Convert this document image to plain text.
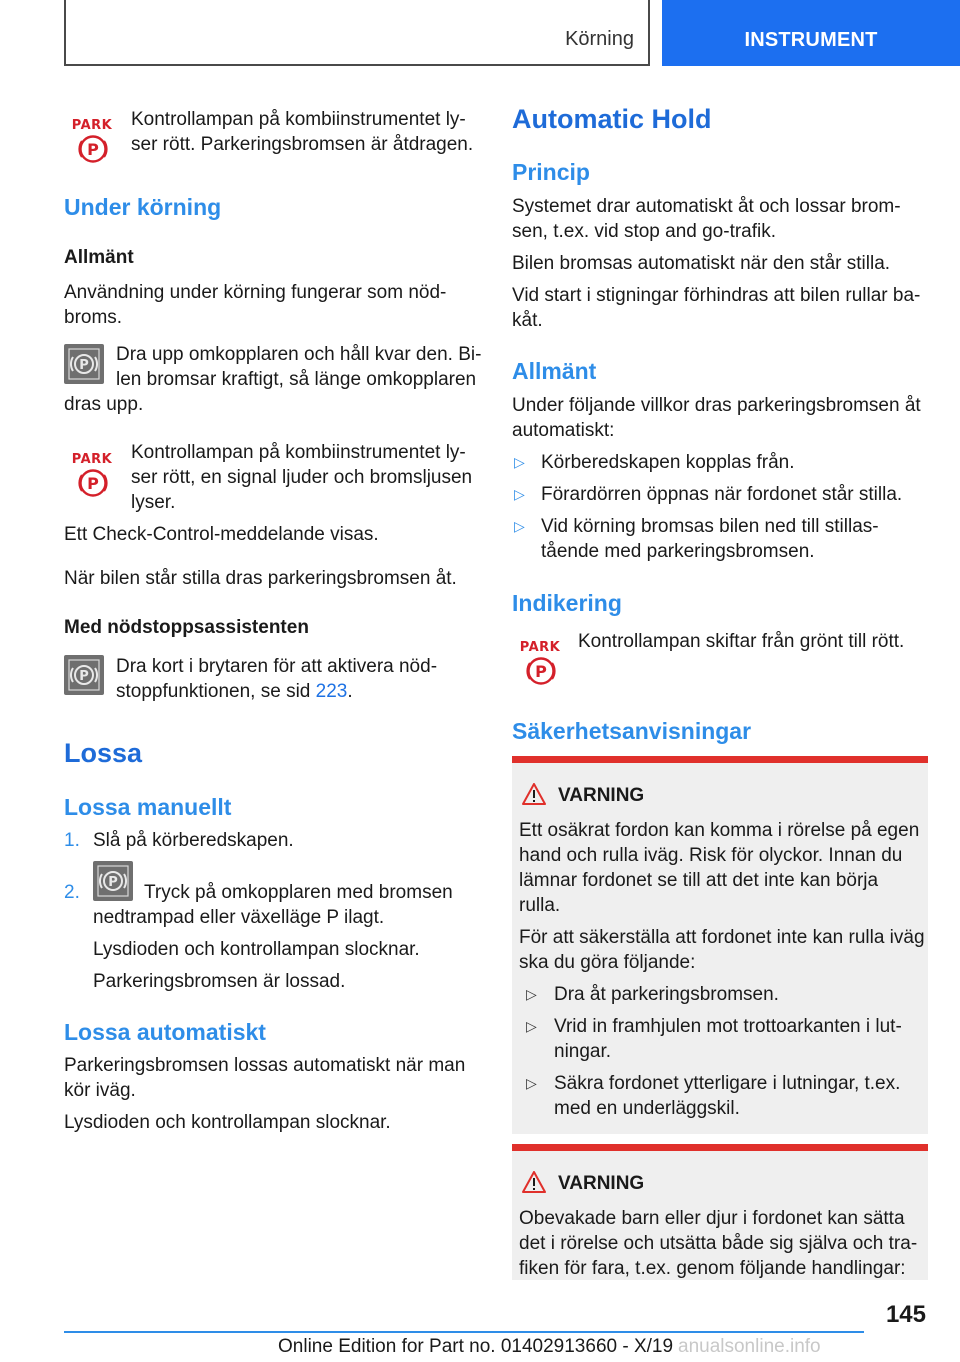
Körning	INSTRUMENT
PARK
P
Kontrollampan på kombiinstrumentet ly-
ser rött. Parkeringsbromsen är åtdragen.
Under körning
Allmänt
Användning under körning fungerar som nöd-
broms.
P
Dra upp omkopplaren och håll kvar den. Bi-
len bromsar kraftigt, så länge omkopplaren
dras upp.
PARK
P
Kontrollampan på kombiinstrumentet ly-
ser rött, en signal ljuder och bromsljusen
lyser.
Ett Check-Control-meddelande visas.
När bilen står stilla dras parkeringsbromsen åt.
Med nödstoppsassistenten
P Dra kort i brytaren för att aktivera nöd-
stoppfunktionen, se sid 223.
Lossa
Lossa manuellt
1. Slå på körberedskapen.
2. P Tryck på omkopplaren med bromsen
nedtrampad eller växelläge P ilagt.
Lysdioden och kontrollampan slocknar.
Parkeringsbromsen är lossad.
Lossa automatiskt
Parkeringsbromsen lossas automatiskt när man
kör iväg.
Lysdioden och kontrollampan slocknar.
Automatic Hold
Princip
Systemet drar automatiskt åt och lossar brom-
sen, t.ex. vid stop and go-trafik.
Bilen bromsas automatiskt när den står stilla.
Vid start i stigningar förhindras att bilen rullar ba-
kåt.
Allmänt
Under följande villkor dras parkeringsbromsen åt
automatiskt:
▷ Körberedskapen kopplas från.
▷ Förardörren öppnas när fordonet står stilla.
▷ Vid körning bromsas bilen ned till stillas-
tående med parkeringsbromsen.
Indikering
PARK
P
Kontrollampan skiftar från grönt till rött.
Säkerhetsanvisningar
VARNING
Ett osäkrat fordon kan komma i rörelse på egen
hand och rulla iväg. Risk för olyckor. Innan du
lämnar fordonet se till att det inte kan börja
rulla.
För att säkerställa att fordonet inte kan rulla iväg
ska du göra följande:
▷ Dra åt parkeringsbromsen.
▷ Vrid in framhjulen mot trottoarkanten i lut-
ningar.
▷ Säkra fordonet ytterligare i lutningar, t.ex.
med en underläggskil.
VARNING
Obevakade barn eller djur i fordonet kan sätta
det i rörelse och utsätta både sig själva och tra-
fiken för fara, t.ex. genom följande handlingar:
145
Online Edition for Part no. 01402913660 - X/19 anualsonline.info
